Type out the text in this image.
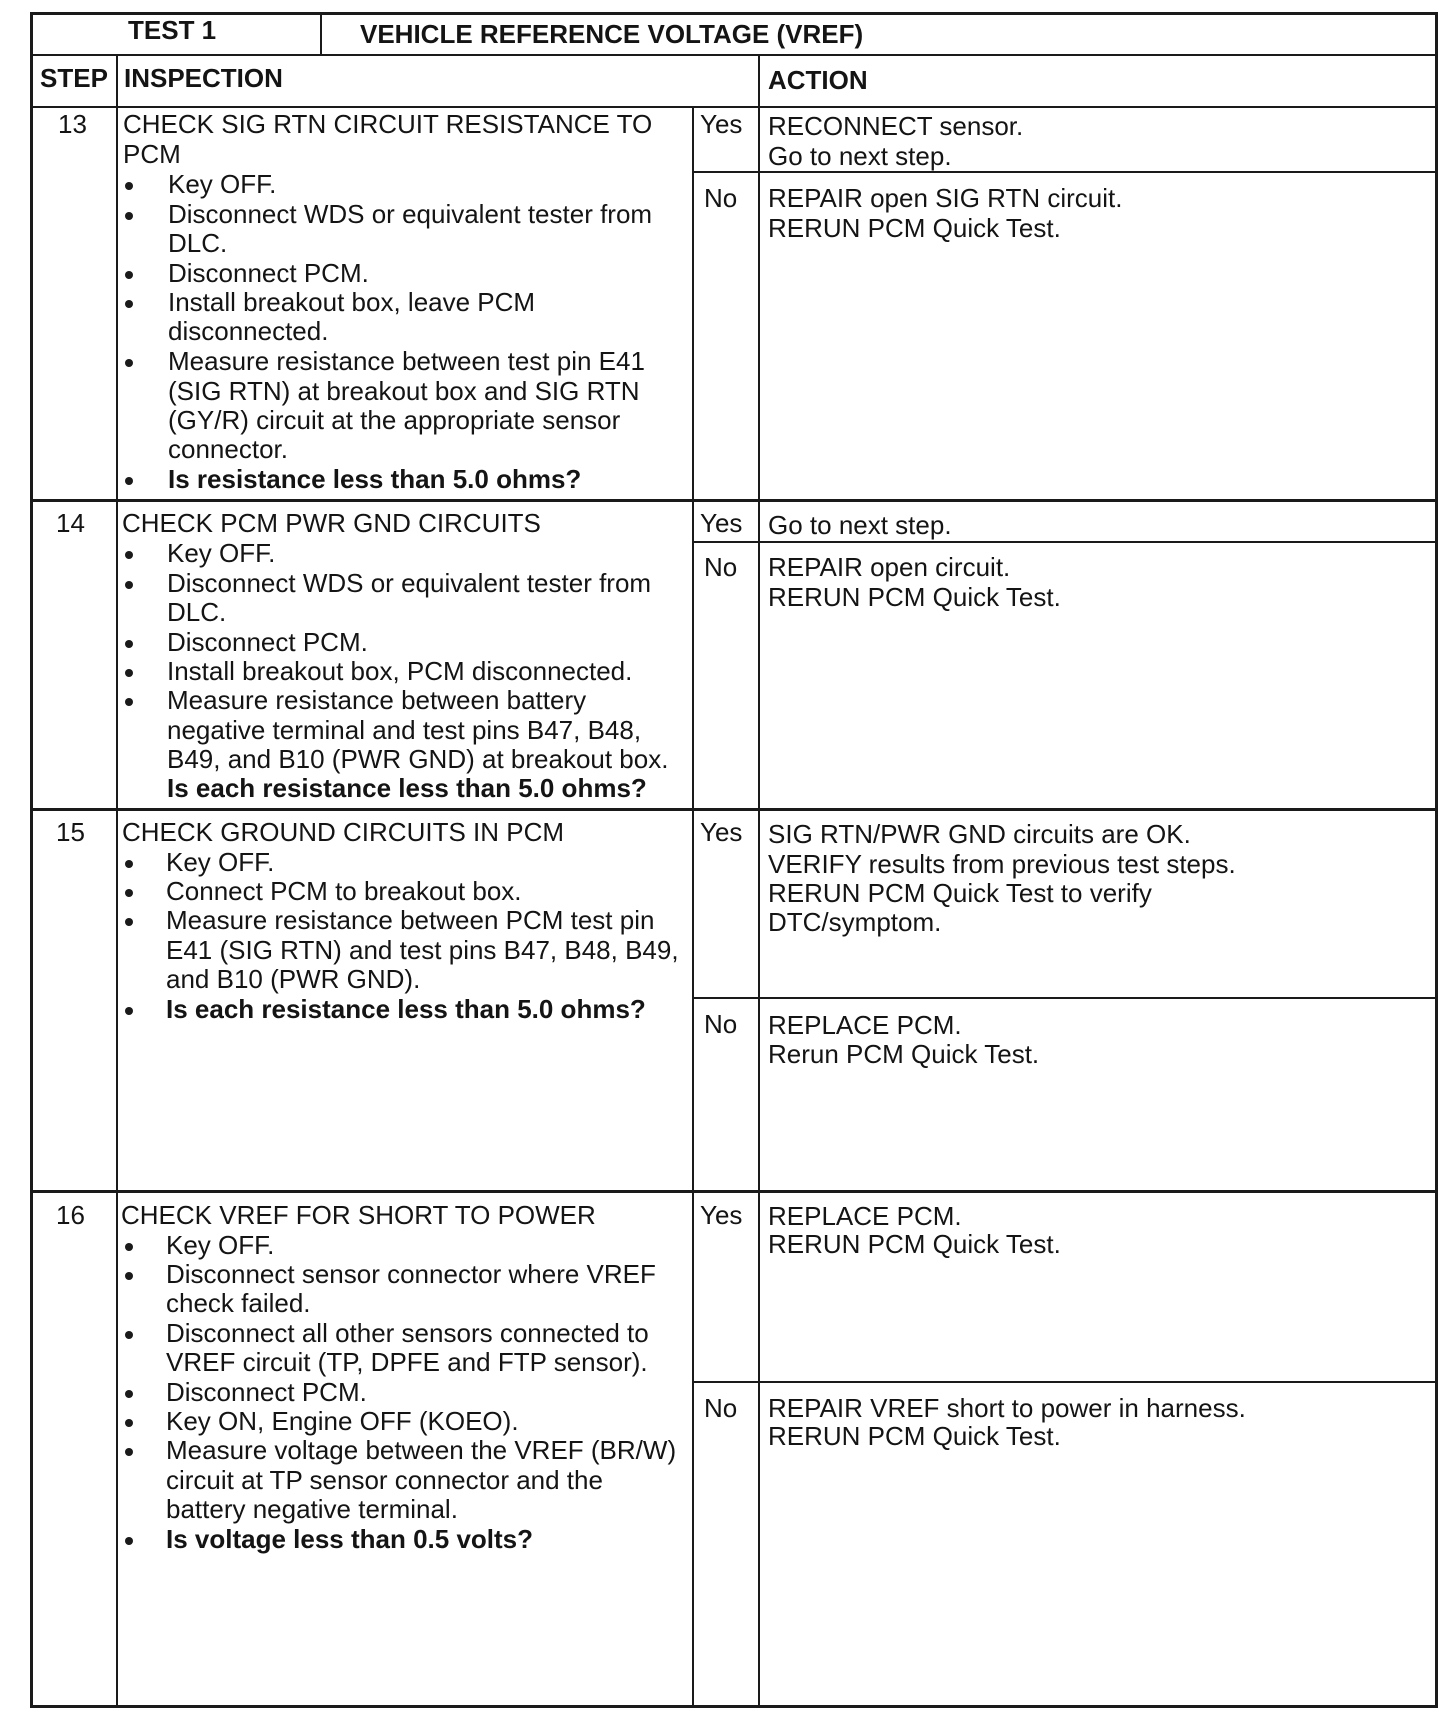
TEST 1	VEHICLE REFERENCE VOLTAGE (VREF)
STEP INSPECTION	ACTION
13 CHECK SIG RTN CIRCUIT RESISTANCE TO
PCM
Key OFF.
Disconnect WDS or equivalent tester from
DLC.
Disconnect PCM.
Install breakout box, leave PCM
disconnected.
Measure resistance between test pin E41
(SIG RTN) at breakout box and SIG RTN
(GY/R) circuit at the appropriate sensor
connector.
Is resistance less than 5.0 ohms?
Yes RECONNECT sensor.
Go to next step.
No REPAIR open SIG RTN circuit.
RERUN PCM Quick Test.
14 CHECK PCM PWR GND CIRCUITS
Key OFF.
Disconnect WDS or equivalent tester from
DLC.
Disconnect PCM.
Install breakout box, PCM disconnected.
Measure resistance between battery
negative terminal and test pins B47, B48,
B49, and B10 (PWR GND) at breakout box.
Is each resistance less than 5.0 ohms?
Yes Go to next step.
No REPAIR open circuit.
RERUN PCM Quick Test.
15 CHECK GROUND CIRCUITS IN PCM
Key OFF.
Connect PCM to breakout box.
Measure resistance between PCM test pin
E41 (SIG RTN) and test pins B47, B48, B49,
and B10 (PWR GND).
Is each resistance less than 5.0 ohms?
Yes SIG RTN/PWR GND circuits are OK.
VERIFY results from previous test steps.
RERUN PCM Quick Test to verify
DTC/symptom.
No REPLACE PCM.
Rerun PCM Quick Test.
16 CHECK VREF FOR SHORT TO POWER
Key OFF.
Disconnect sensor connector where VREF
check failed.
Disconnect all other sensors connected to
VREF circuit (TP, DPFE and FTP sensor).
Disconnect PCM.
Key ON, Engine OFF (KOEO).
Measure voltage between the VREF (BR/W)
circuit at TP sensor connector and the
battery negative terminal.
Is voltage less than 0.5 volts?
Yes REPLACE PCM.
RERUN PCM Quick Test.
No REPAIR VREF short to power in harness.
RERUN PCM Quick Test.
